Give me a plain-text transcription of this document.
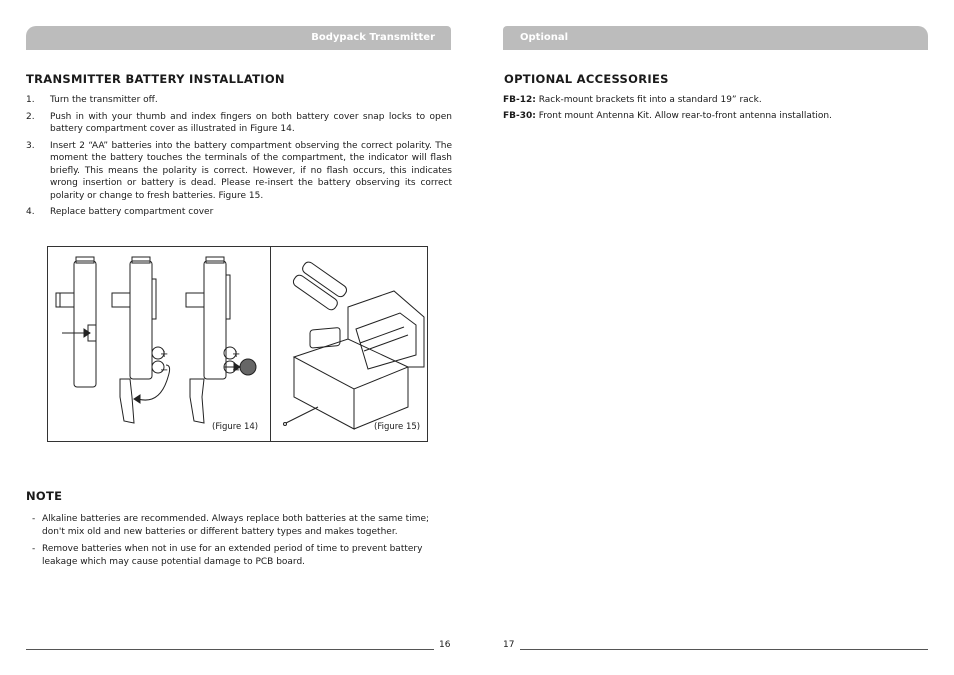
Bodypack Transmitter
TRANSMITTER BATTERY INSTALLATION
1. Turn the transmitter off.
2. Push in with your thumb and index fingers on both battery cover snap locks to open battery compartment cover as illustrated in Figure 14.
3. Insert 2 “AA” batteries into the battery compartment observing the correct polarity. The moment the battery touches the terminals of the compartment, the indicator will flash briefly. This means the polarity is correct. However, if no flash occurs, this indicates wrong insertion or battery is dead. Please re-insert the battery observing its correct polarity or change to fresh batteries. Figure 15.
4. Replace battery compartment cover
+
−
+
−
(Figure 14)	(Figure 15)
NOTE
- Alkaline batteries are recommended. Always replace both batteries at the same time; don't mix old and new batteries or different battery types and makes together.
- Remove batteries when not in use for an extended period of time to prevent battery leakage which may cause potential damage to PCB board.
16
Optional
OPTIONAL ACCESSORIES
FB-12: Rack-mount brackets fit into a standard 19” rack.
FB-30: Front mount Antenna Kit. Allow rear-to-front antenna installation.
17
